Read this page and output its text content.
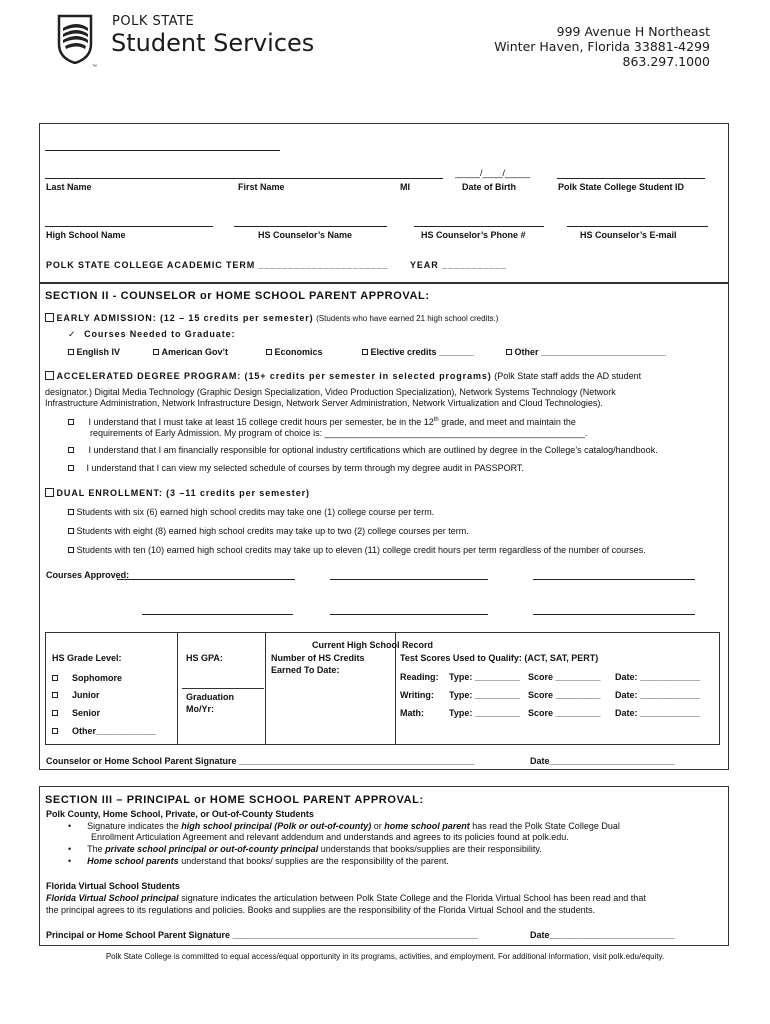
POLK STATE
Student Services
™
999 Avenue H Northeast
Winter Haven, Florida 33881-4299
863.297.1000
_____/____/_____
Last Name	First Name	MI	Date of Birth	Polk State College Student ID
High School Name	HS Counselor’s Name	HS Counselor’s Phone #	HS Counselor’s E-mail
POLK STATE COLLEGE ACADEMIC TERM ______________________ YEAR ___________
SECTION II - COUNSELOR or HOME SCHOOL PARENT APPROVAL:
EARLY ADMISSION: (12 – 15 credits per semester) (Students who have earned 21 high school credits.)
✓ Courses Needed to Graduate:
English IV	American Gov’t	Economics	Elective credits _______	Other _________________________
ACCELERATED DEGREE PROGRAM: (15+ credits per semester in selected programs) (Polk State staff adds the AD student
designator.) Digital Media Technology (Graphic Design Specialization, Video Production Specialization), Network Systems Technology (Network
Infrastructure Administration, Network Infrastructure Design, Network Server Administration, Network Virtualization and Cloud Technologies).
I understand that I must take at least 15 college credit hours per semester, be in the 12th grade, and meet and maintain the
requirements of Early Admission. My program of choice is: ____________________________________________________.
I understand that I am financially responsible for optional industry certifications which are outlined by degree in the College’s catalog/handbook.
I understand that I can view my selected schedule of courses by term through my degree audit in PASSPORT.
DUAL ENROLLMENT: (3 –11 credits per semester)
Students with six (6) earned high school credits may take one (1) college course per term.
Students with eight (8) earned high school credits may take up to two (2) college courses per term.
Students with ten (10) earned high school credits may take up to eleven (11) college credit hours per term regardless of the number of courses.
Courses Approved:
Current High School Record
HS Grade Level:
Sophomore
Junior
Senior
Other____________
HS GPA:
Graduation
Mo/Yr:
Number of HS Credits
Earned To Date:
Test Scores Used to Qualify: (ACT, SAT, PERT)
Reading: Type: _________ Score _________ Date: ____________
Writing: Type: _________ Score _________ Date: ____________
Math:	Type: _________ Score _________ Date: ____________
Counselor or Home School Parent Signature _______________________________________________	Date_________________________
SECTION III – PRINCIPAL or HOME SCHOOL PARENT APPROVAL:
Polk County, Home School, Private, or Out-of-County Students
• Signature indicates the high school principal (Polk or out-of-county) or home school parent has read the Polk State College Dual
Enrollment Articulation Agreement and relevant addendum and understands and agrees to its policies found at polk.edu.
• The private school principal or out-of-county principal understands that books/supplies are their responsibility.
• Home school parents understand that books/ supplies are the responsibility of the parent.
Florida Virtual School Students
Florida Virtual School principal signature indicates the articulation between Polk State College and the Florida Virtual School has been read and that
the principal agrees to its regulations and policies. Books and supplies are the responsibility of the Florida Virtual School and the students.
Principal or Home School Parent Signature _________________________________________________	Date_________________________
Polk State College is committed to equal access/equal opportunity in its programs, activities, and employment. For additional information, visit polk.edu/equity.
